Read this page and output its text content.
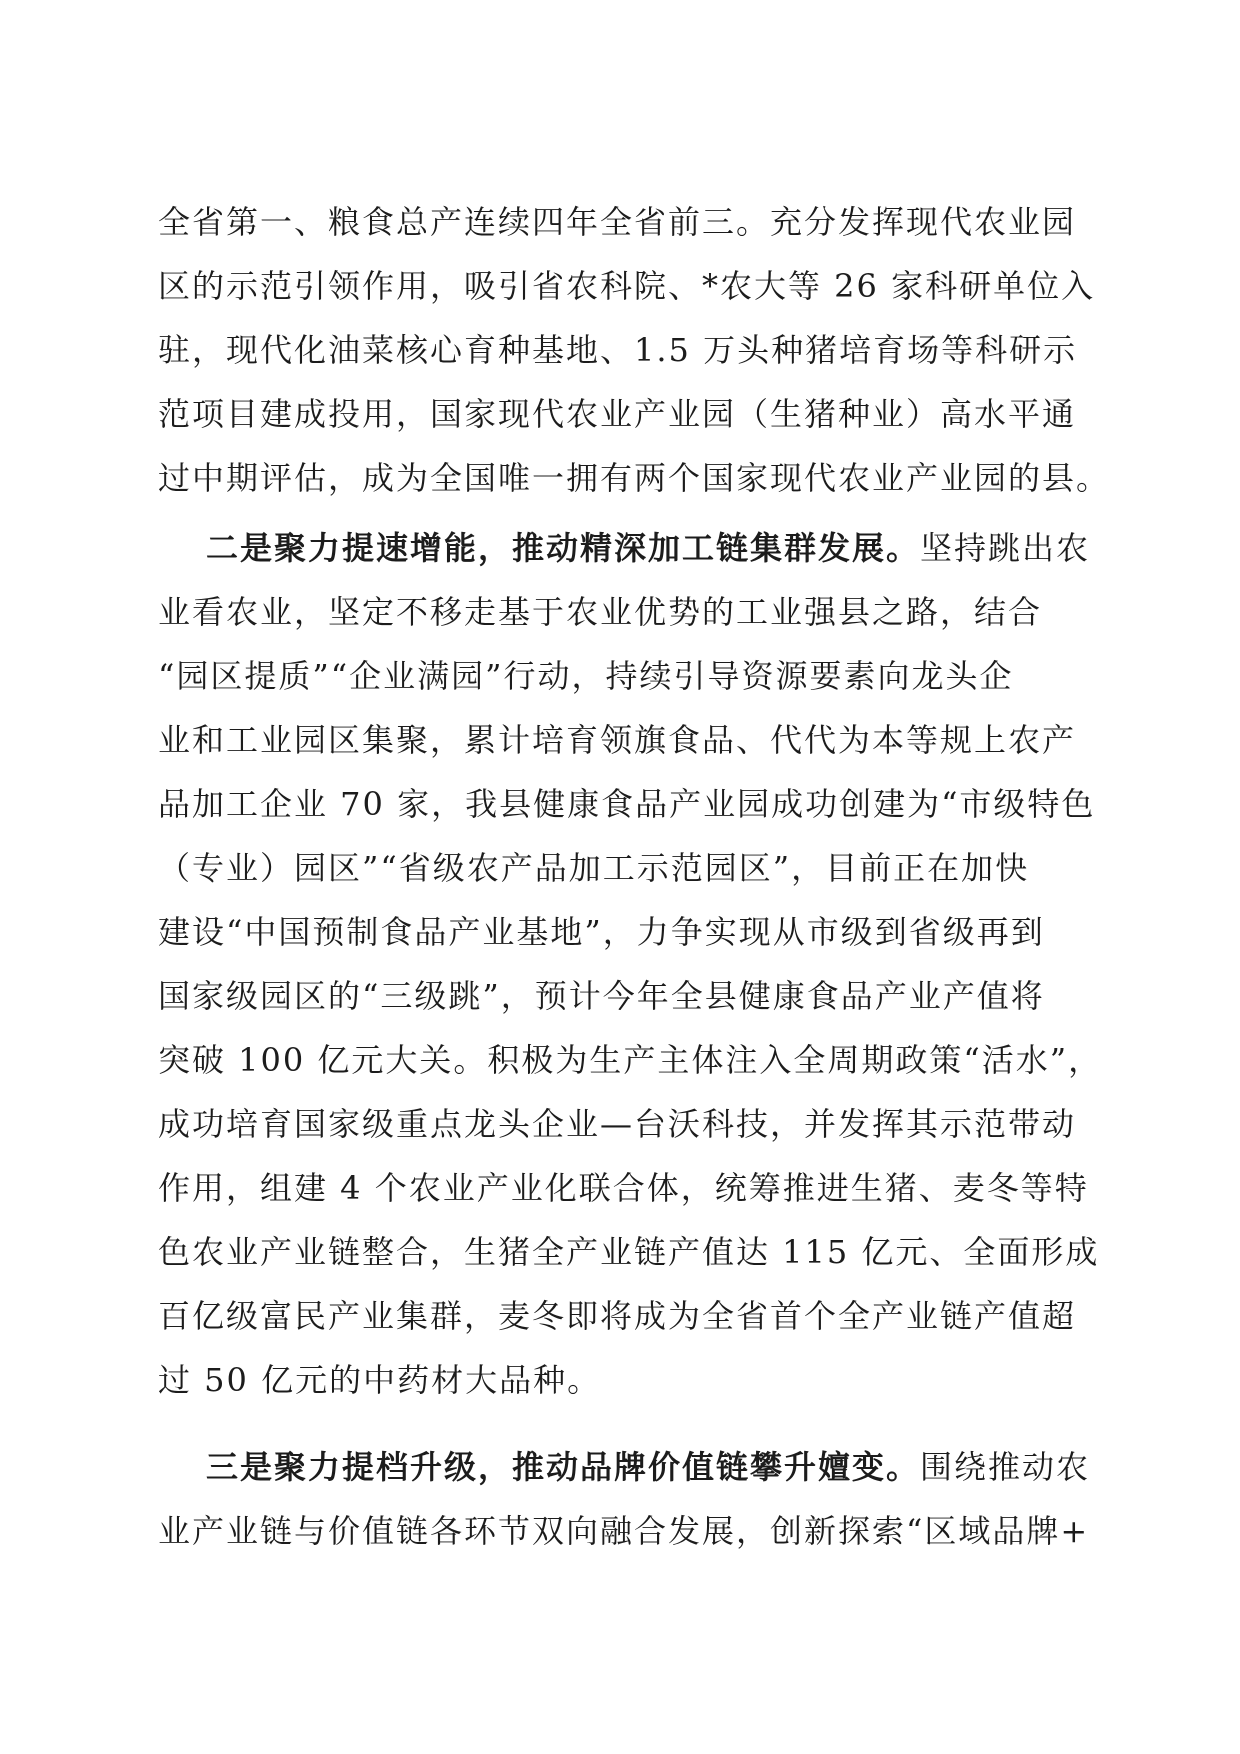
全省第一、粮食总产连续四年全省前三。充分发挥现代农业园
区的示范引领作用，吸引省农科院、*农大等 26 家科研单位入
驻，现代化油菜核心育种基地、1.5 万头种猪培育场等科研示
范项目建成投用，国家现代农业产业园（生猪种业）高水平通
过中期评估，成为全国唯一拥有两个国家现代农业产业园的县。
二是聚力提速增能，推动精深加工链集群发展。坚持跳出农
业看农业，坚定不移走基于农业优势的工业强县之路，结合
“园区提质”“企业满园”行动，持续引导资源要素向龙头企
业和工业园区集聚，累计培育领旗食品、代代为本等规上农产
品加工企业 70 家，我县健康食品产业园成功创建为“市级特色
（专业）园区”“省级农产品加工示范园区”，目前正在加快
建设“中国预制食品产业基地”，力争实现从市级到省级再到
国家级园区的“三级跳”，预计今年全县健康食品产业产值将
突破 100 亿元大关。积极为生产主体注入全周期政策“活水”，
成功培育国家级重点龙头企业—台沃科技，并发挥其示范带动
作用，组建 4 个农业产业化联合体，统筹推进生猪、麦冬等特
色农业产业链整合，生猪全产业链产值达 115 亿元、全面形成
百亿级富民产业集群，麦冬即将成为全省首个全产业链产值超
过 50 亿元的中药材大品种。
三是聚力提档升级，推动品牌价值链攀升嬗变。围绕推动农
业产业链与价值链各环节双向融合发展，创新探索“区域品牌+
